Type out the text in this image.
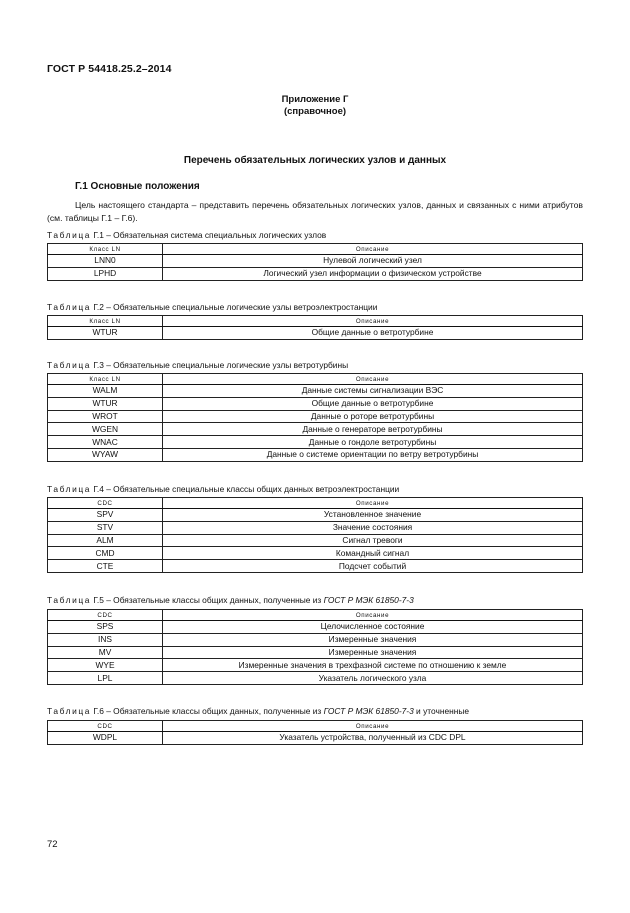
ГОСТ Р 54418.25.2–2014
Приложение Г
(справочное)
Перечень обязательных логических узлов и данных
Г.1 Основные положения
Цель настоящего стандарта – представить перечень обязательных логических узлов, данных и связанных с ними атрибутов (см. таблицы Г.1 – Г.6).
Таблица Г.1 – Обязательная система специальных логических узлов
Класс LN	Описание
LNN0	Нулевой логический узел
LPHD	Логический узел информации о физическом устройстве
Таблица Г.2 – Обязательные специальные логические узлы ветроэлектростанции
Класс LN	Описание
WTUR	Общие данные о ветротурбине
Таблица Г.3 – Обязательные специальные логические узлы ветротурбины
Класс LN	Описание
WALM	Данные системы сигнализации ВЭС
WTUR	Общие данные о ветротурбине
WROT	Данные о роторе ветротурбины
WGEN	Данные о генераторе ветротурбины
WNAC	Данные о гондоле ветротурбины
WYAW	Данные о системе ориентации по ветру ветротурбины
Таблица Г.4 – Обязательные специальные классы общих данных ветроэлектростанции
CDC	Описание
SPV	Установленное значение
STV	Значение состояния
ALM	Сигнал тревоги
CMD	Командный сигнал
CTE	Подсчет событий
Таблица Г.5 – Обязательные классы общих данных, полученные из ГОСТ Р МЭК 61850-7-3
CDC	Описание
SPS	Целочисленное состояние
INS	Измеренные значения
MV	Измеренные значения
WYE	Измеренные значения в трехфазной системе по отношению к земле
LPL	Указатель логического узла
Таблица Г.6 – Обязательные классы общих данных, полученные из ГОСТ Р МЭК 61850-7-3 и уточненные
CDC	Описание
WDPL	Указатель устройства, полученный из CDC DPL
72
